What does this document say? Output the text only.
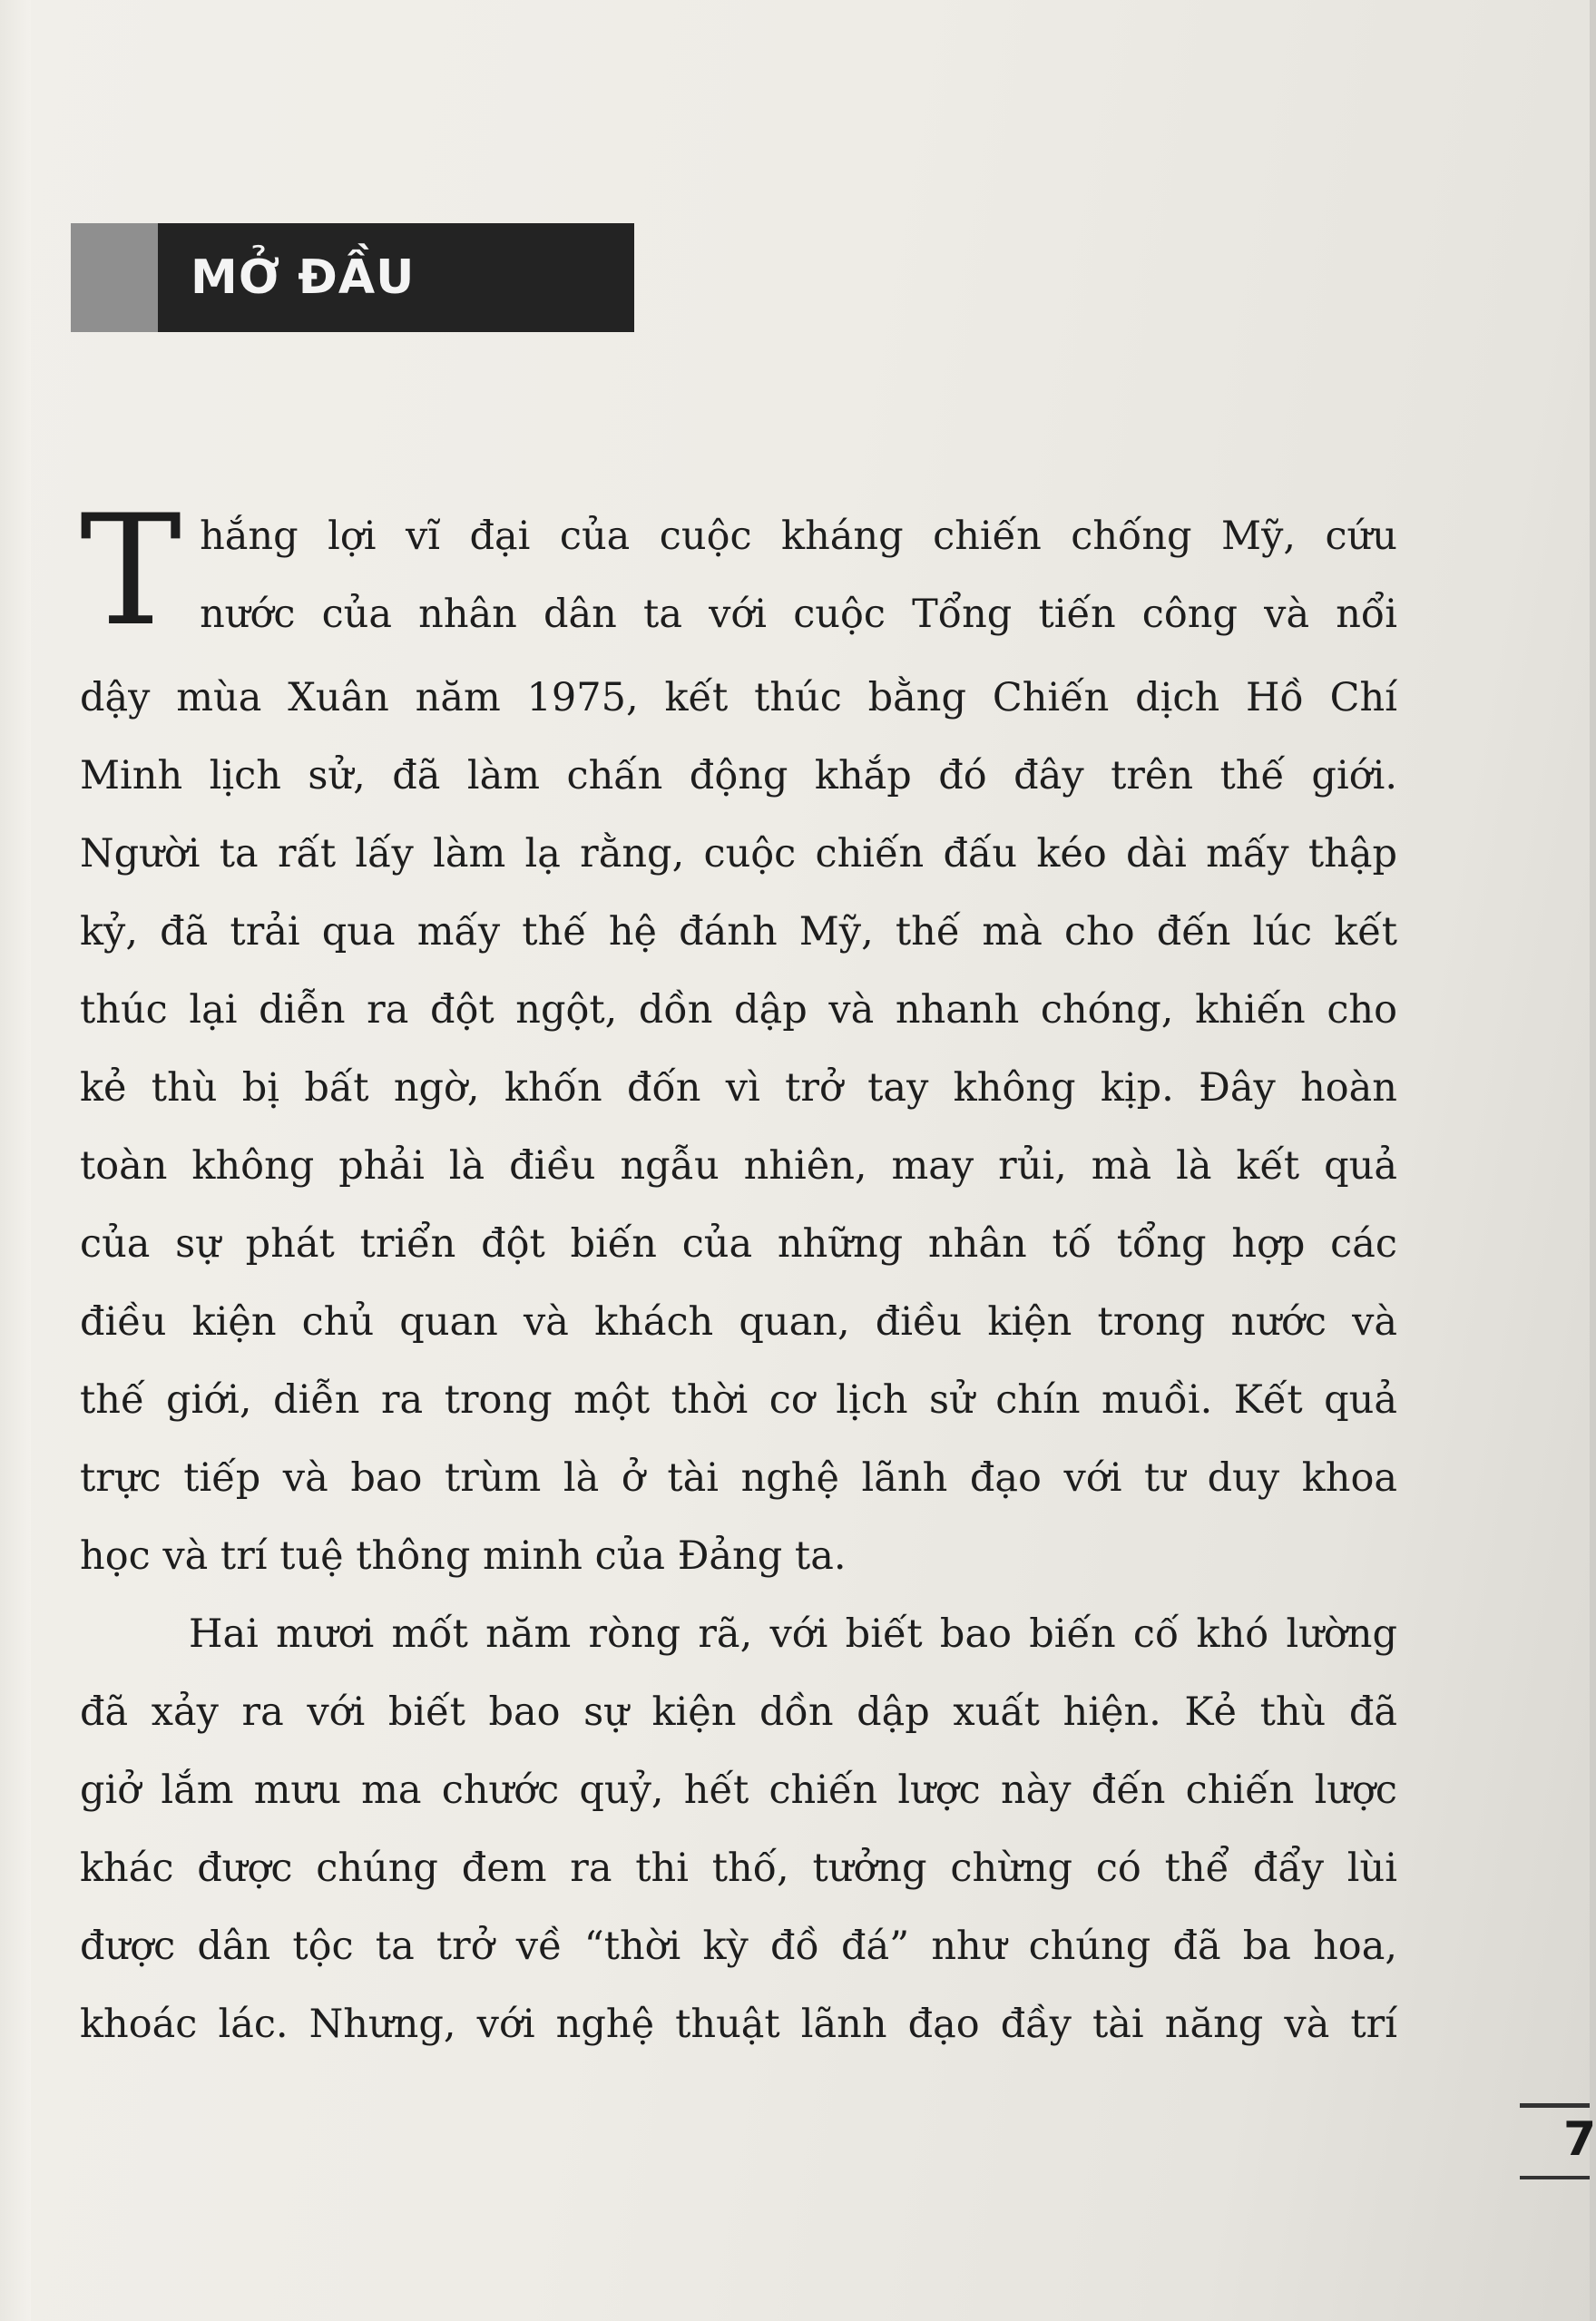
MỞ ĐẦU
T hắng lợi vĩ đại của cuộc kháng chiến chống Mỹ, cứu
nước của nhân dân ta với cuộc Tổng tiến công và nổi
dậy mùa Xuân năm 1975, kết thúc bằng Chiến dịch Hồ Chí
Minh lịch sử, đã làm chấn động khắp đó đây trên thế giới.
Người ta rất lấy làm lạ rằng, cuộc chiến đấu kéo dài mấy thập
kỷ, đã trải qua mấy thế hệ đánh Mỹ, thế mà cho đến lúc kết
thúc lại diễn ra đột ngột, dồn dập và nhanh chóng, khiến cho
kẻ thù bị bất ngờ, khốn đốn vì trở tay không kịp. Đây hoàn
toàn không phải là điều ngẫu nhiên, may rủi, mà là kết quả
của sự phát triển đột biến của những nhân tố tổng hợp các
điều kiện chủ quan và khách quan, điều kiện trong nước và
thế giới, diễn ra trong một thời cơ lịch sử chín muồi. Kết quả
trực tiếp và bao trùm là ở tài nghệ lãnh đạo với tư duy khoa
học và trí tuệ thông minh của Đảng ta.
Hai mươi mốt năm ròng rã, với biết bao biến cố khó lường
đã xảy ra với biết bao sự kiện dồn dập xuất hiện. Kẻ thù đã
giở lắm mưu ma chước quỷ, hết chiến lược này đến chiến lược
khác được chúng đem ra thi thố, tưởng chừng có thể đẩy lùi
được dân tộc ta trở về “thời kỳ đồ đá” như chúng đã ba hoa,
khoác lác. Nhưng, với nghệ thuật lãnh đạo đầy tài năng và trí
7
